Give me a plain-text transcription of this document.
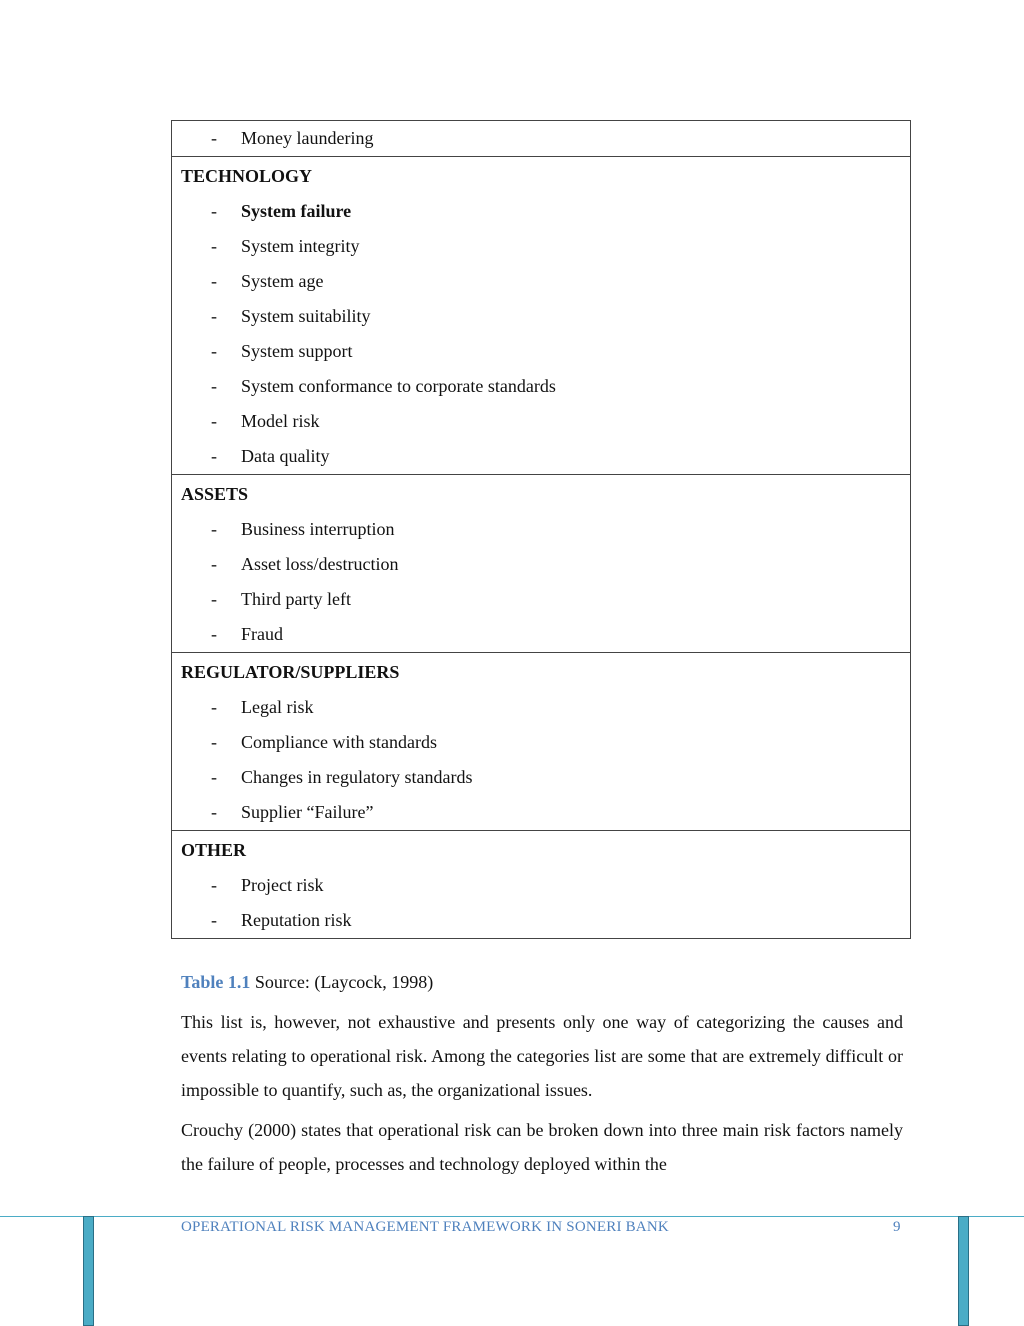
- Money laundering

TECHNOLOGY
- System failure
- System integrity
- System age
- System suitability
- System support
- System conformance to corporate standards
- Model risk
- Data quality

ASSETS
- Business interruption
- Asset loss/destruction
- Third party left
- Fraud

REGULATOR/SUPPLIERS
- Legal risk
- Compliance with standards
- Changes in regulatory standards
- Supplier “Failure”

OTHER
- Project risk
- Reputation risk
Table 1.1 Source: (Laycock, 1998)

This list is, however, not exhaustive and presents only one way of categorizing the causes and events relating to operational risk. Among the categories list are some that are extremely difficult or impossible to quantify, such as, the organizational issues.

Crouchy (2000) states that operational risk can be broken down into three main risk factors namely the failure of people, processes and technology deployed within the

OPERATIONAL RISK MANAGEMENT FRAMEWORK IN SONERI BANK	9
